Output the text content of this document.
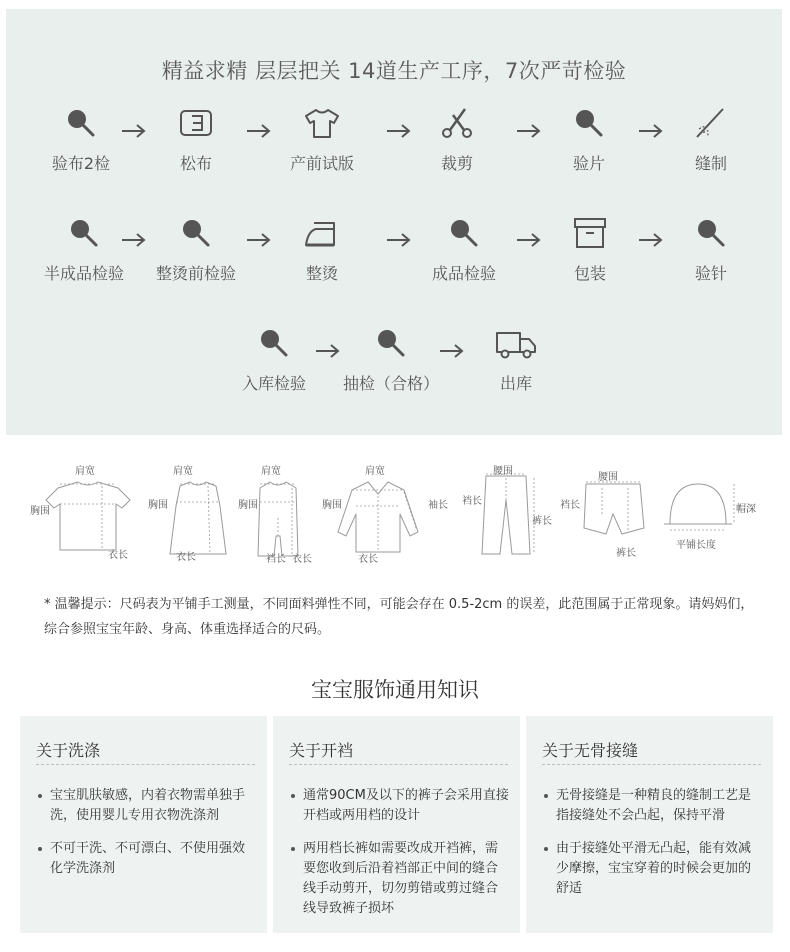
精益求精 层层把关 14道生产工序，7次严苛检验
验布2检	松布	产前试版	裁剪	验片	缝制
半成品检验	整烫前检验	整烫	成品检验	包装	验针
入库检验	抽检（合格）	出库
肩宽
胸围
衣长
肩宽
胸围
衣长
肩宽
胸围
裆长 衣长
肩宽
胸围	袖长
衣长
腰围
裆长
裤长
腰围
裆长
裤长
平铺长度
帽深
* 温馨提示：尺码表为平铺手工测量，不同面料弹性不同，可能会存在 0.5-2cm 的误差，此范围属于正常现象。请妈妈们，综合参照宝宝年龄、身高、体重选择适合的尺码。
宝宝服饰通用知识
关于洗涤
宝宝肌肤敏感，内着衣物需单独手洗，使用婴儿专用衣物洗涤剂
不可干洗、不可漂白、不使用强效化学洗涤剂
关于开裆
通常90CM及以下的裤子会采用直接开档或两用档的设计
两用档长裤如需要改成开裆裤，需要您收到后沿着裆部正中间的缝合线手动剪开，切勿剪错或剪过缝合线导致裤子损坏
关于无骨接缝
无骨接缝是一种精良的缝制工艺是指接缝处不会凸起，保持平滑
由于接缝处平滑无凸起，能有效减少摩擦，宝宝穿着的时候会更加的舒适
